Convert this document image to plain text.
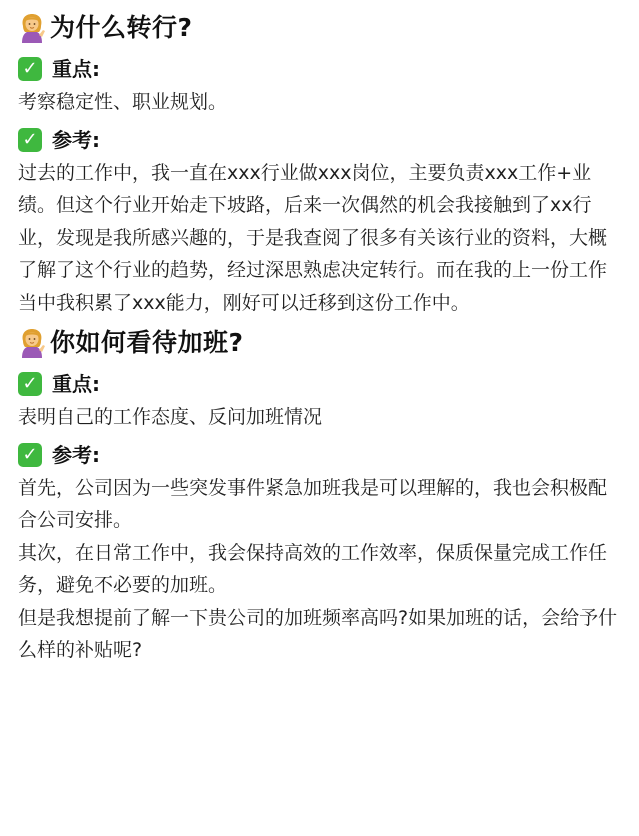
为什么转行?
✓ 重点:

考察稳定性、职业规划。

✓ 参考:

过去的工作中，我一直在xxx行业做xxx岗位，主要负责xxx工作+业绩。但这个行业开始走下坡路，后来一次偶然的机会我接触到了xx行业，发现是我所感兴趣的，于是我查阅了很多有关该行业的资料，大概了解了这个行业的趋势，经过深思熟虑决定转行。而在我的上一份工作当中我积累了xxx能力，刚好可以迁移到这份工作中。

你如何看待加班?
✓ 重点:

表明自己的工作态度、反问加班情况

✓ 参考:

首先，公司因为一些突发事件紧急加班我是可以理解的，我也会积极配合公司安排。

其次，在日常工作中，我会保持高效的工作效率，保质保量完成工作任务，避免不必要的加班。

但是我想提前了解一下贵公司的加班频率高吗?如果加班的话，会给予什么样的补贴呢?
